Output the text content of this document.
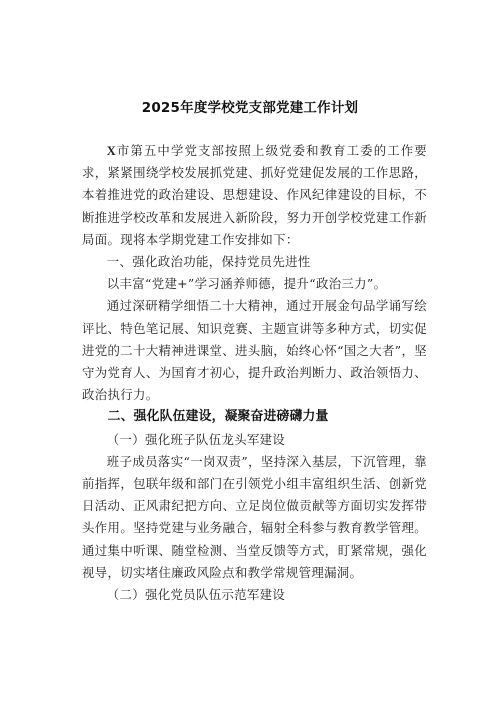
2025年度学校党支部党建工作计划

X市第五中学党支部按照上级党委和教育工委的工作要求，紧紧围绕学校发展抓党建、抓好党建促发展的工作思路，本着推进党的政治建设、思想建设、作风纪律建设的目标，不断推进学校改革和发展进入新阶段，努力开创学校党建工作新局面。现将本学期党建工作安排如下：

一、强化政治功能，保持党员先进性

以丰富“党建+”学习涵养师德，提升“政治三力”。

通过深研精学细悟二十大精神，通过开展金句品学诵写绘评比、特色笔记展、知识竞赛、主题宣讲等多种方式，切实促进党的二十大精神进课堂、进头脑，始终心怀“国之大者”，坚守为党育人、为国育才初心，提升政治判断力、政治领悟力、政治执行力。

二、强化队伍建设，凝聚奋进磅礴力量

（一）强化班子队伍龙头军建设

班子成员落实“一岗双责”，坚持深入基层，下沉管理，靠前指挥，包联年级和部门在引领党小组丰富组织生活、创新党日活动、正风肃纪把方向、立足岗位做贡献等方面切实发挥带头作用。坚持党建与业务融合，辐射全科参与教育教学管理。通过集中听课、随堂检测、当堂反馈等方式，盯紧常规，强化视导，切实堵住廉政风险点和教学常规管理漏洞。

（二）强化党员队伍示范军建设
